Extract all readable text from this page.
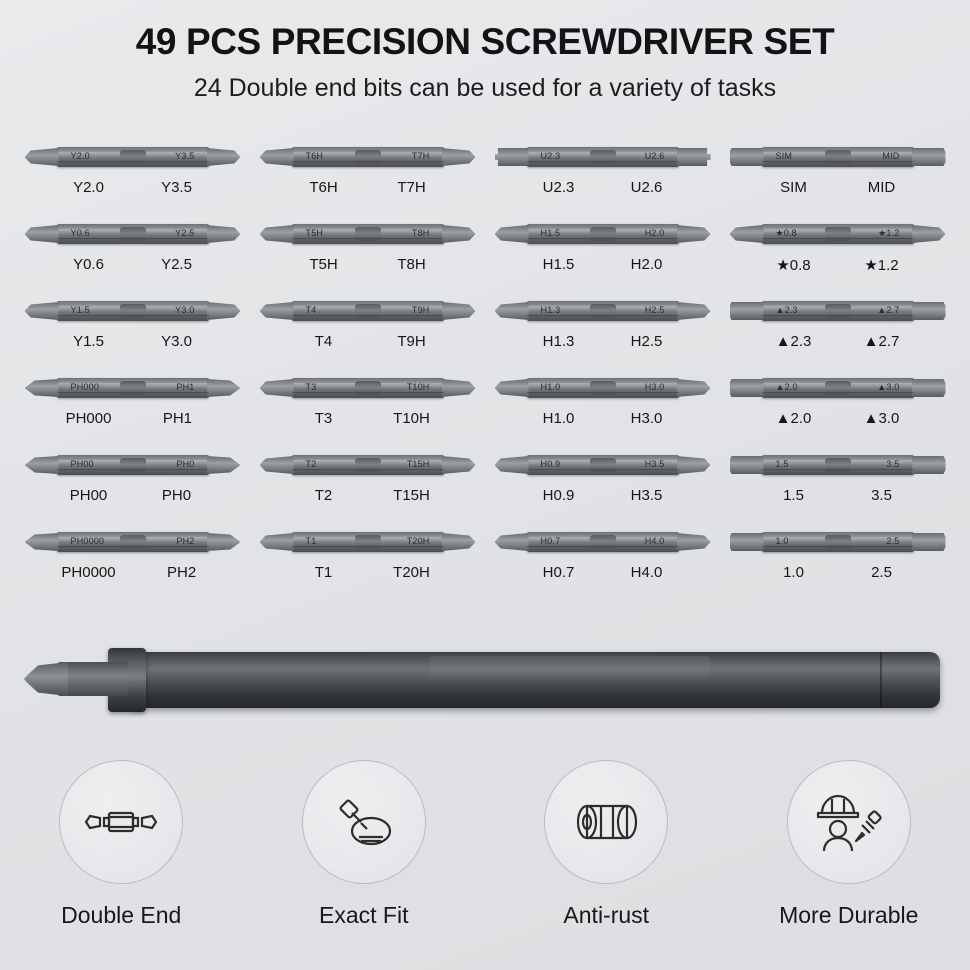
49 PCS PRECISION SCREWDRIVER SET

24 Double end bits can be used for a variety of tasks

Y2.0	Y3.5
Y2.0	Y3.5
T6H	T7H
T6H	T7H
U2.3	U2.6
U2.3	U2.6
SIM	MID
SIM	MID
Y0.6	Y2.5
Y0.6	Y2.5
T5H	T8H
T5H	T8H
H1.5	H2.0
H1.5	H2.0
★0.8	★1.2
★0.8	★1.2
Y1.5	Y3.0
Y1.5	Y3.0
T4	T9H
T4	T9H
H1.3	H2.5
H1.3	H2.5
▲2.3	▲2.7
▲2.3	▲2.7
PH000	PH1
PH000	PH1
T3	T10H
T3	T10H
H1.0	H3.0
H1.0	H3.0
▲2.0	▲3.0
▲2.0	▲3.0
PH00	PH0
PH00	PH0
T2	T15H
T2	T15H
H0.9	H3.5
H0.9	H3.5
1.5	3.5
1.5	3.5
PH0000	PH2
PH0000	PH2
T1	T20H
T1	T20H
H0.7	H4.0
H0.7	H4.0
1.0	2.5
1.0	2.5
Double End	Exact Fit	Anti-rust	More Durable
